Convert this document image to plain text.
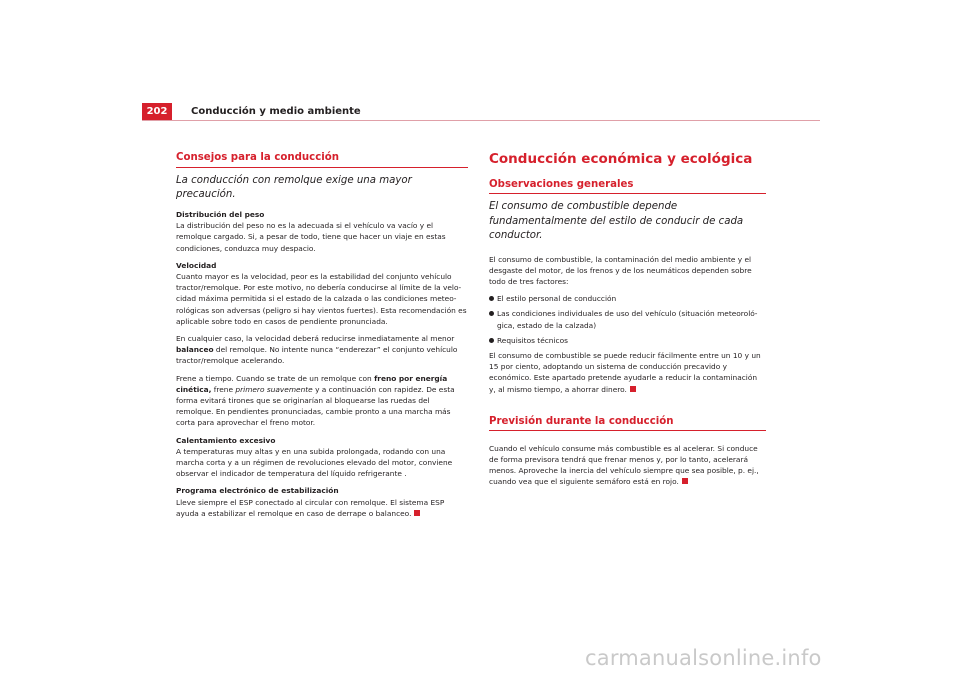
202	Conducción y medio ambiente
Consejos para la conducción
La conducción con remolque exige una mayor precaución.

Distribución del peso
La distribución del peso no es la adecuada si el vehículo va vacío y el remolque cargado. Si, a pesar de todo, tiene que hacer un viaje en estas condiciones, conduzca muy despacio.

Velocidad
Cuanto mayor es la velocidad, peor es la estabilidad del conjunto vehículo tractor/remolque. Por este motivo, no debería conducirse al límite de la velocidad máxima permitida si el estado de la calzada o las condiciones meteorológicas son adversas (peligro si hay vientos fuertes). Esta recomendación es aplicable sobre todo en casos de pendiente pronunciada.

En cualquier caso, la velocidad deberá reducirse inmediatamente al menor balanceo del remolque. No intente nunca “enderezar” el conjunto vehículo tractor/remolque acelerando.

Frene a tiempo. Cuando se trate de un remolque con freno por energía cinética, frene primero suavemente y a continuación con rapidez. De esta forma evitará tirones que se originarían al bloquearse las ruedas del remolque. En pendientes pronunciadas, cambie pronto a una marcha más corta para aprovechar el freno motor.

Calentamiento excesivo
A temperaturas muy altas y en una subida prolongada, rodando con una marcha corta y a un régimen de revoluciones elevado del motor, conviene observar el indicador de temperatura del líquido refrigerante .

Programa electrónico de estabilización
Lleve siempre el ESP conectado al circular con remolque. El sistema ESP ayuda a estabilizar el remolque en caso de derrape o balanceo.

Conducción económica y ecológica
Observaciones generales
El consumo de combustible depende fundamentalmente del estilo de conducir de cada conductor.

El consumo de combustible, la contaminación del medio ambiente y el desgaste del motor, de los frenos y de los neumáticos dependen sobre todo de tres factores:

El estilo personal de conducción

Las condiciones individuales de uso del vehículo (situación meteorológica, estado de la calzada)

Requisitos técnicos

El consumo de combustible se puede reducir fácilmente entre un 10 y un 15 por ciento, adoptando un sistema de conducción precavido y económico. Este apartado pretende ayudarle a reducir la contaminación y, al mismo tiempo, a ahorrar dinero.

Previsión durante la conducción

Cuando el vehículo consume más combustible es al acelerar. Si conduce de forma previsora tendrá que frenar menos y, por lo tanto, acelerará menos. Aproveche la inercia del vehículo siempre que sea posible, p. ej., cuando vea que el siguiente semáforo está en rojo.

carmanualsonline.info
